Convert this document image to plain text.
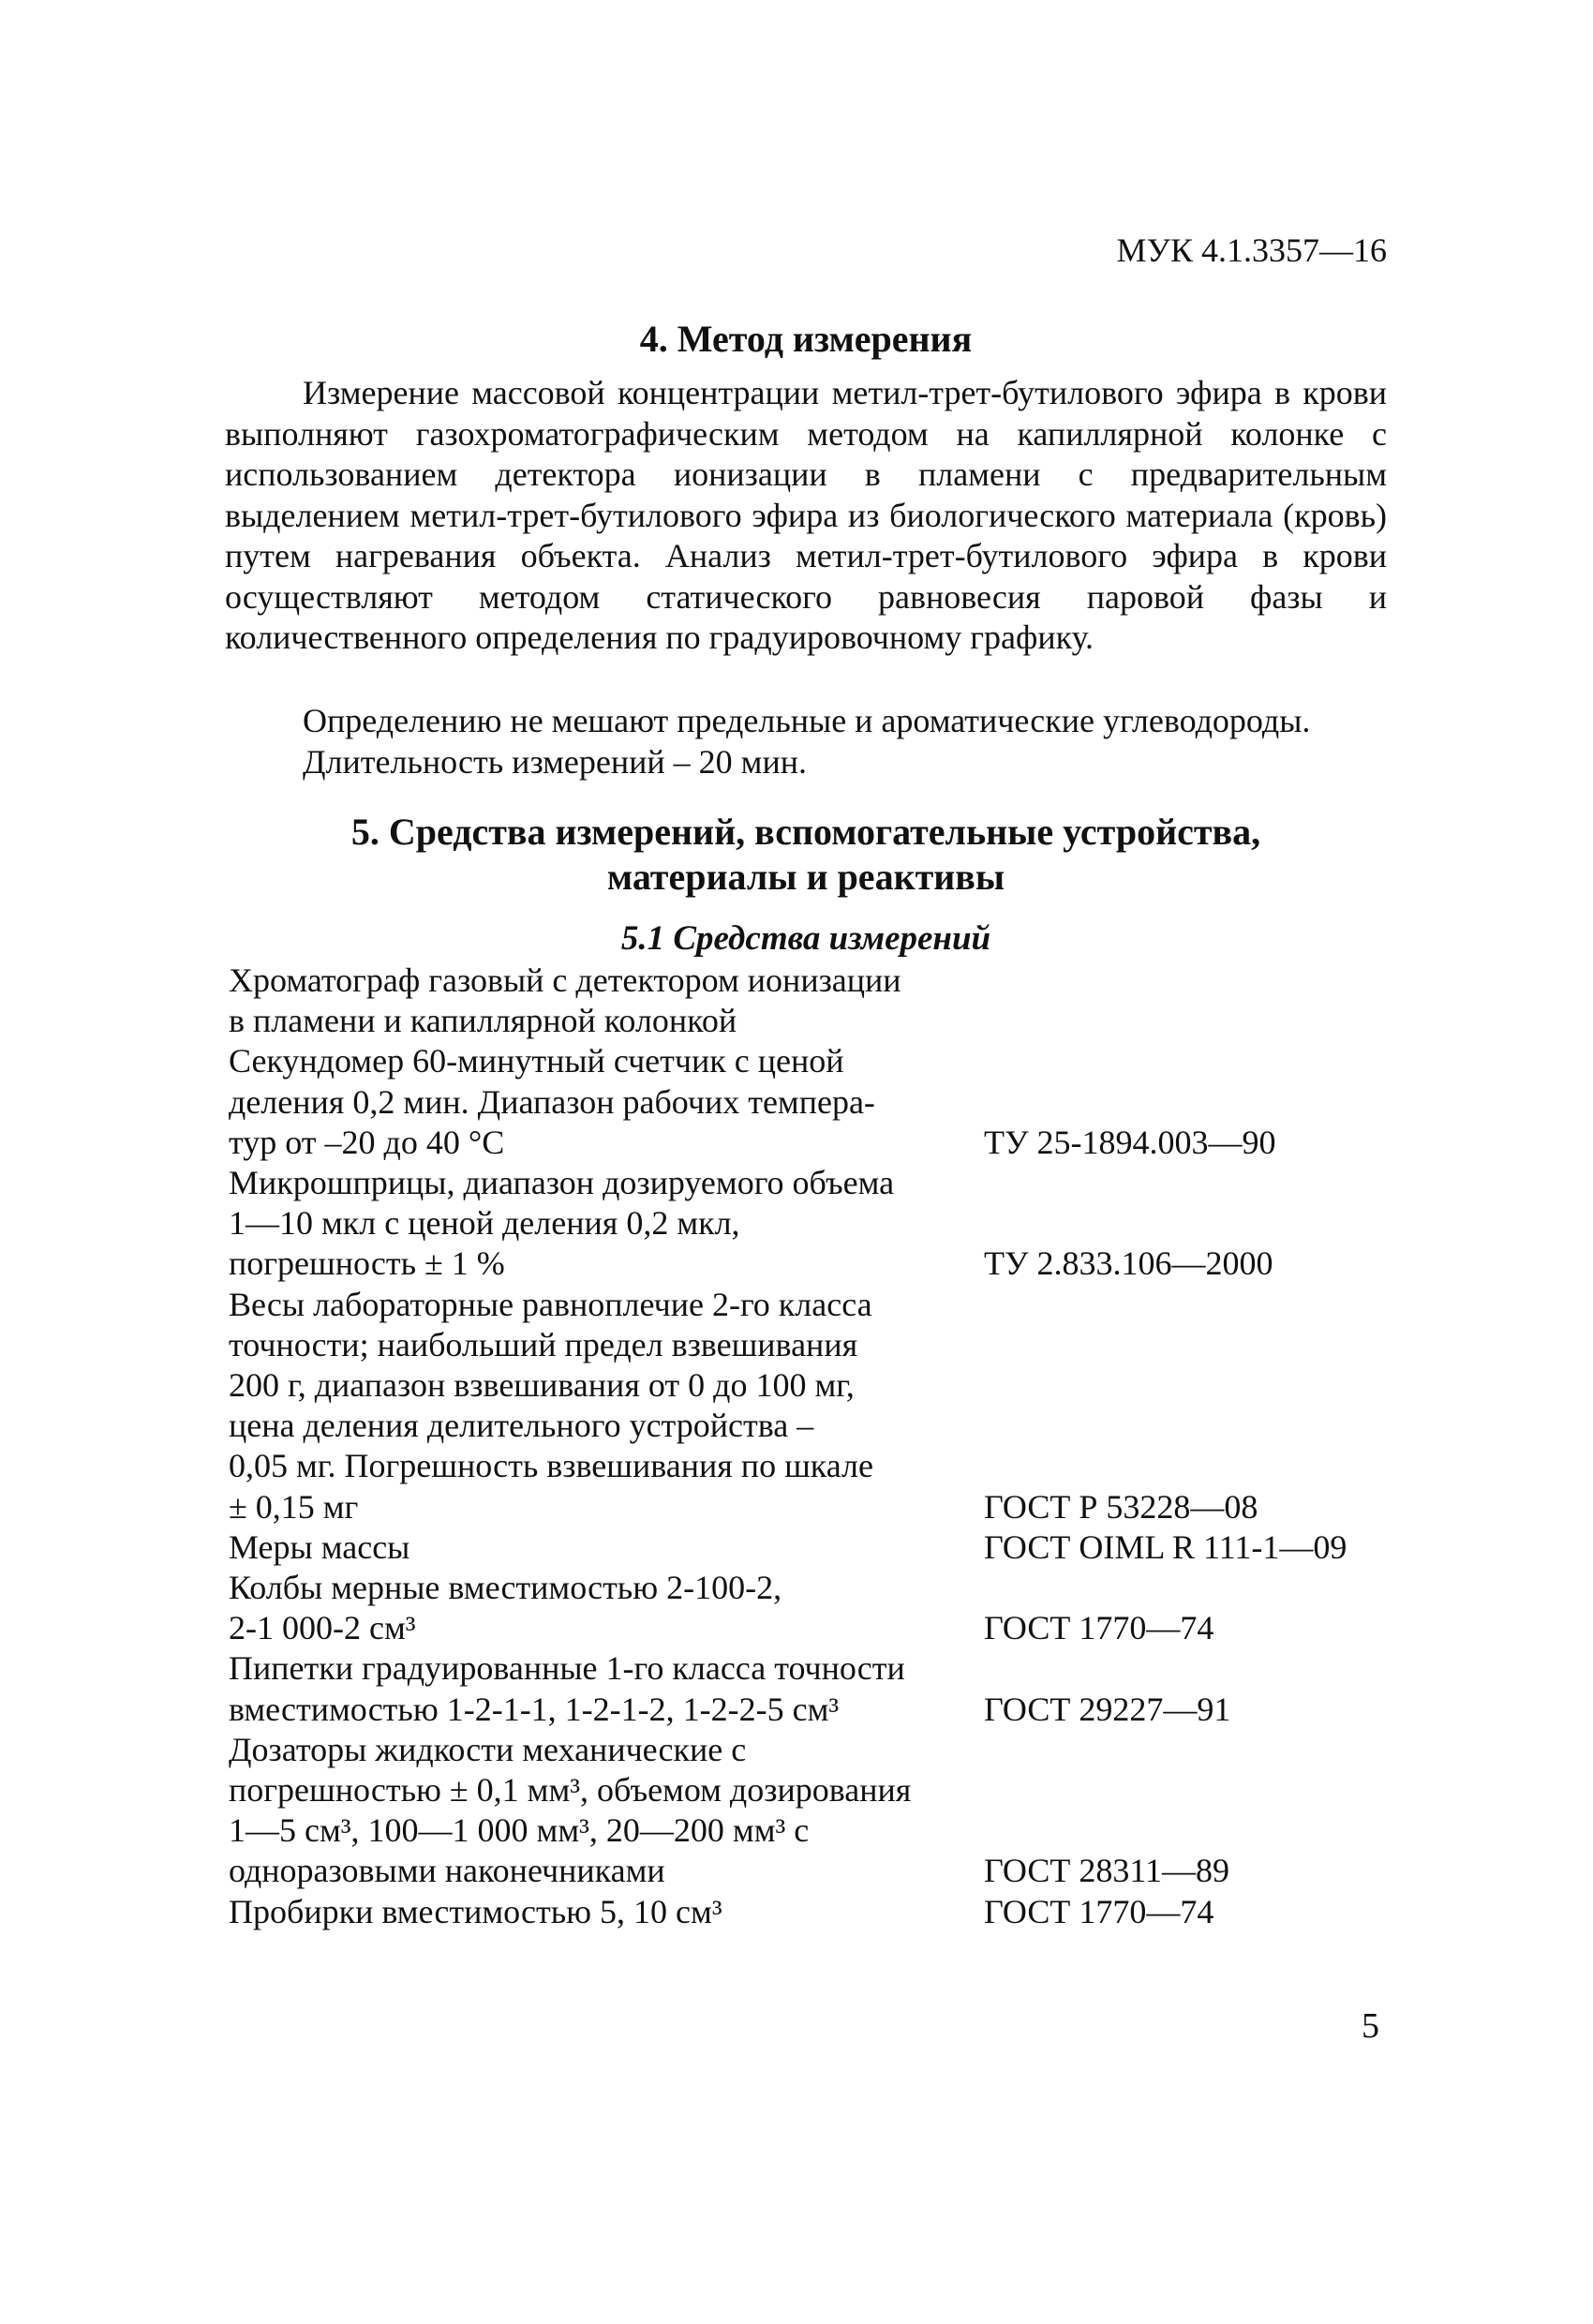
МУК 4.1.3357—16
4. Метод измерения
Измерение массовой концентрации метил-трет-бутилового эфира в крови выполняют газохроматографическим методом на капиллярной колонке с использованием детектора ионизации в пламени с предварительным выделением метил-трет-бутилового эфира из биологического материала (кровь) путем нагревания объекта. Анализ метил-трет-бутилового эфира в крови осуществляют методом статического равновесия паровой фазы и количественного определения по градуировочному графику.
Определению не мешают предельные и ароматические углеводороды.
Длительность измерений – 20 мин.
5. Средства измерений, вспомогательные устройства,
материалы и реактивы
5.1 Средства измерений
Хроматограф газовый с детектором ионизации
в пламени и капиллярной колонкой
Секундомер 60-минутный счетчик с ценой
деления 0,2 мин. Диапазон рабочих темпера-
тур от –20 до 40 °С	ТУ 25-1894.003—90
Микрошприцы, диапазон дозируемого объема
1—10 мкл с ценой деления 0,2 мкл,
погрешность ± 1 %	ТУ 2.833.106—2000
Весы лабораторные равноплечие 2-го класса
точности; наибольший предел взвешивания
200 г, диапазон взвешивания от 0 до 100 мг,
цена деления делительного устройства –
0,05 мг. Погрешность взвешивания по шкале
± 0,15 мг	ГОСТ Р 53228—08
Меры массы	ГОСТ OIML R 111-1—09
Колбы мерные вместимостью 2-100-2,
2-1 000-2 см³	ГОСТ 1770—74
Пипетки градуированные 1-го класса точности
вместимостью 1-2-1-1, 1-2-1-2, 1-2-2-5 см³	ГОСТ 29227—91
Дозаторы жидкости механические с
погрешностью ± 0,1 мм³, объемом дозирования
1—5 см³, 100—1 000 мм³, 20—200 мм³ с
одноразовыми наконечниками	ГОСТ 28311—89
Пробирки вместимостью 5, 10 см³	ГОСТ 1770—74
5
